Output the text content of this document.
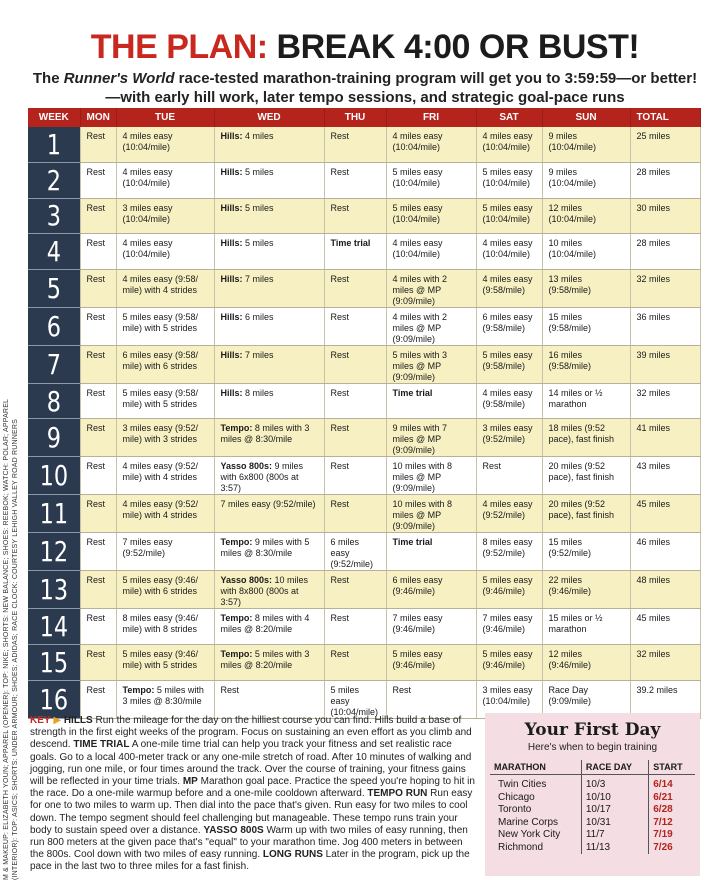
M & MAKEUP: ELIZABETH YOUN; APPAREL (OPENER): TOP: NIKE; SHORTS: NEW BALANCE; SHOES: REEBOK; WATCH: POLAR; APPAREL (INTERIOR): TOP: ASICS; SHORTS: UNDER ARMOUR; SHOES: ADIDAS; RACE CLOCK: COURTESY LEHIGH VALLEY ROAD RUNNERS
THE PLAN: BREAK 4:00 OR BUST!
The Runner's World race-tested marathon-training program will get you to 3:59:59—or better!—with early hill work, later tempo sessions, and strategic goal-pace runs
WEEK	MON	TUE	WED	THU	FRI	SAT	SUN	TOTAL
1	Rest	4 miles easy (10:04/mile)	Hills: 4 miles	Rest	4 miles easy (10:04/mile)	4 miles easy (10:04/mile)	9 miles (10:04/mile)	25 miles
2	Rest	4 miles easy (10:04/mile)	Hills: 5 miles	Rest	5 miles easy (10:04/mile)	5 miles easy (10:04/mile)	9 miles (10:04/mile)	28 miles
3	Rest	3 miles easy (10:04/mile)	Hills: 5 miles	Rest	5 miles easy (10:04/mile)	5 miles easy (10:04/mile)	12 miles (10:04/mile)	30 miles
4	Rest	4 miles easy (10:04/mile)	Hills: 5 miles	Time trial	4 miles easy (10:04/mile)	4 miles easy (10:04/mile)	10 miles (10:04/mile)	28 miles
5	Rest	4 miles easy (9:58/ mile) with 4 strides	Hills: 7 miles	Rest	4 miles with 2 miles @ MP (9:09/mile)	4 miles easy (9:58/mile)	13 miles (9:58/mile)	32 miles
6	Rest	5 miles easy (9:58/ mile) with 5 strides	Hills: 6 miles	Rest	4 miles with 2 miles @ MP (9:09/mile)	6 miles easy (9:58/mile)	15 miles (9:58/mile)	36 miles
7	Rest	6 miles easy (9:58/ mile) with 6 strides	Hills: 7 miles	Rest	5 miles with 3 miles @ MP (9:09/mile)	5 miles easy (9:58/mile)	16 miles (9:58/mile)	39 miles
8	Rest	5 miles easy (9:58/ mile) with 5 strides	Hills: 8 miles	Rest	Time trial	4 miles easy (9:58/mile)	14 miles or ½ marathon	32 miles
9	Rest	3 miles easy (9:52/ mile) with 3 strides	Tempo: 8 miles with 3 miles @ 8:30/mile	Rest	9 miles with 7 miles @ MP (9:09/mile)	3 miles easy (9:52/mile)	18 miles (9:52 pace), fast finish	41 miles
10	Rest	4 miles easy (9:52/ mile) with 4 strides	Yasso 800s: 9 miles with 6x800 (800s at 3:57)	Rest	10 miles with 8 miles @ MP (9:09/mile)	Rest	20 miles (9:52 pace), fast finish	43 miles
11	Rest	4 miles easy (9:52/ mile) with 4 strides	7 miles easy (9:52/mile)	Rest	10 miles with 8 miles @ MP (9:09/mile)	4 miles easy (9:52/mile)	20 miles (9:52 pace), fast finish	45 miles
12	Rest	7 miles easy (9:52/mile)	Tempo: 9 miles with 5 miles @ 8:30/mile	6 miles easy (9:52/mile)	Time trial	8 miles easy (9:52/mile)	15 miles (9:52/mile)	46 miles
13	Rest	5 miles easy (9:46/ mile) with 6 strides	Yasso 800s: 10 miles with 8x800 (800s at 3:57)	Rest	6 miles easy (9:46/mile)	5 miles easy (9:46/mile)	22 miles (9:46/mile)	48 miles
14	Rest	8 miles easy (9:46/ mile) with 8 strides	Tempo: 8 miles with 4 miles @ 8:20/mile	Rest	7 miles easy (9:46/mile)	7 miles easy (9:46/mile)	15 miles or ½ marathon	45 miles
15	Rest	5 miles easy (9:46/ mile) with 5 strides	Tempo: 5 miles with 3 miles @ 8:20/mile	Rest	5 miles easy (9:46/mile)	5 miles easy (9:46/mile)	12 miles (9:46/mile)	32 miles
16	Rest	Tempo: 5 miles with 3 miles @ 8:30/mile	Rest	5 miles easy (10:04/mile)	Rest	3 miles easy (10:04/mile)	Race Day (9:09/mile)	39.2 miles
KEY ▶ HILLS Run the mileage for the day on the hilliest course you can find. Hills build a base of strength in the first eight weeks of the program. Focus on sustaining an even effort as you climb and descend. TIME TRIAL A one-mile time trial can help you track your fitness and set realistic race goals. Go to a local 400-meter track or any one-mile stretch of road. After 10 minutes of walking and jogging, run one mile, or four times around the track. Over the course of training, your fitness gains will be reflected in your time trials. MP Marathon goal pace. Practice the speed you're hoping to hit in the race. Do a one-mile warmup before and a one-mile cooldown afterward. TEMPO RUN Run easy for one to two miles to warm up. Then dial into the pace that's given. Run easy for two miles to cool down. The tempo segment should feel challenging but manageable. These tempo runs train your body to sustain speed over a distance. YASSO 800S Warm up with two miles of easy running, then run 800 meters at the given pace that's "equal" to your marathon time. Jog 400 meters in between the 800s. Cool down with two miles of easy running. LONG RUNS Later in the program, pick up the pace in the last two to three miles for a fast finish.
Your First Day
Here's when to begin training
MARATHON	RACE DAY	START
Twin Cities	10/3	6/14
Chicago	10/10	6/21
Toronto	10/17	6/28
Marine Corps	10/31	7/12
New York City	11/7	7/19
Richmond	11/13	7/26
